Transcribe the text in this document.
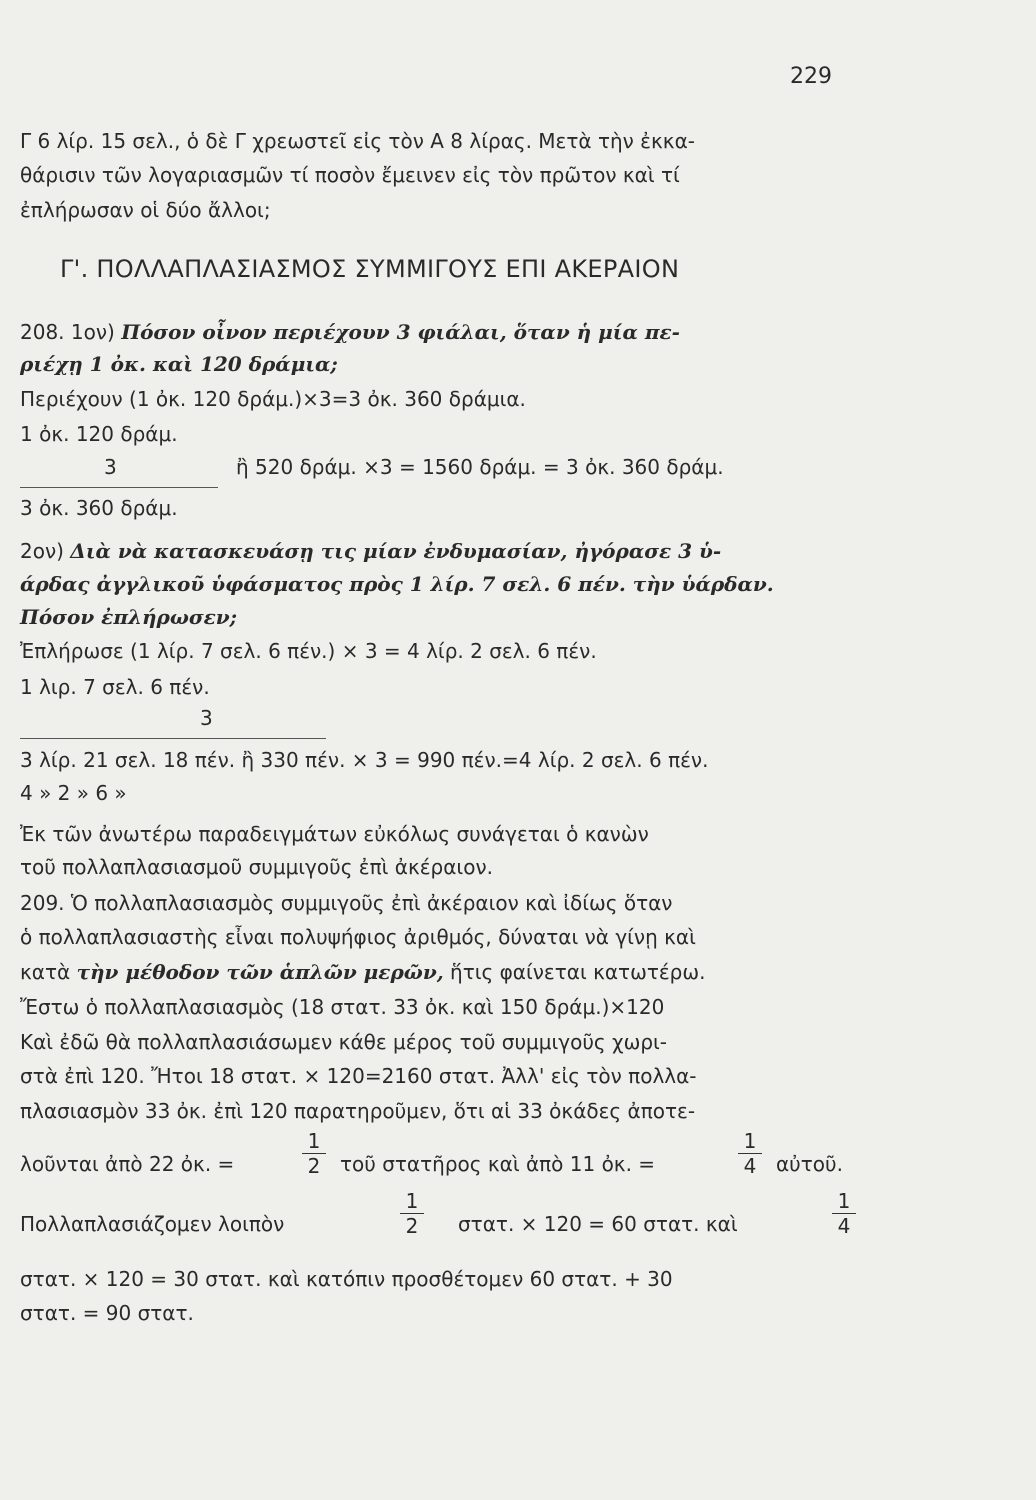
229
Γ 6 λίρ. 15 σελ., ὁ δὲ Γ χρεωστεῖ εἰς τὸν Α 8 λίρας. Μετὰ τὴν ἐκκα-
θάρισιν τῶν λογαριασμῶν τί ποσὸν ἔμεινεν εἰς τὸν πρῶτον καὶ τί
ἐπλήρωσαν οἱ δύο ἄλλοι;
Γ'. ΠΟΛΛΑΠΛΑΣΙΑΣΜΟΣ ΣΥΜΜΙΓΟΥΣ ΕΠΙ ΑΚΕΡΑΙΟΝ
208. 1ον) Πόσον οἶνον περιέχουν 3 φιάλαι, ὅταν ἡ μία πε-
ριέχῃ 1 ὀκ. καὶ 120 δράμια;
Περιέχουν (1 ὀκ. 120 δράμ.)×3=3 ὀκ. 360 δράμια.
1 ὀκ. 120 δράμ.
3	ἢ 520 δράμ. ×3 = 1560 δράμ. = 3 ὀκ. 360 δράμ.
3 ὀκ. 360 δράμ.
2ον) Διὰ νὰ κατασκευάσῃ τις μίαν ἐνδυμασίαν, ἠγόρασε 3 ὑ-
άρδας ἀγγλικοῦ ὑφάσματος πρὸς 1 λίρ. 7 σελ. 6 πέν. τὴν ὑάρδαν.
Πόσον ἐπλήρωσεν;
Ἐπλήρωσε (1 λίρ. 7 σελ. 6 πέν.) × 3 = 4 λίρ. 2 σελ. 6 πέν.
1 λιρ. 7 σελ. 6 πέν.
3
3 λίρ. 21 σελ. 18 πέν. ἢ 330 πέν. × 3 = 990 πέν.=4 λίρ. 2 σελ. 6 πέν.
4 » 2 » 6 »
Ἐκ τῶν ἀνωτέρω παραδειγμάτων εὐκόλως συνάγεται ὁ κανὼν
τοῦ πολλαπλασιασμοῦ συμμιγοῦς ἐπὶ ἀκέραιον.
209. Ὁ πολλαπλασιασμὸς συμμιγοῦς ἐπὶ ἀκέραιον καὶ ἰδίως ὅταν
ὁ πολλαπλασιαστὴς εἶναι πολυψήφιος ἀριθμός, δύναται νὰ γίνῃ καὶ
κατὰ τὴν μέθοδον τῶν ἁπλῶν μερῶν, ἥτις φαίνεται κατωτέρω.
Ἔστω ὁ πολλαπλασιασμὸς (18 στατ. 33 ὀκ. καὶ 150 δράμ.)×120
Καὶ ἐδῶ θὰ πολλαπλασιάσωμεν κάθε μέρος τοῦ συμμιγοῦς χωρι-
στὰ ἐπὶ 120. Ἤτοι 18 στατ. × 120=2160 στατ. Ἀλλ' εἰς τὸν πολλα-
πλασιασμὸν 33 ὀκ. ἐπὶ 120 παρατηροῦμεν, ὅτι αἱ 33 ὀκάδες ἀποτε-
λοῦνται ἀπὸ 22 ὀκ. =
1
2 τοῦ στατῆρος καὶ ἀπὸ 11 ὀκ. =
1
4 αὐτοῦ.
Πολλαπλασιάζομεν λοιπὸν
1
2 στατ. × 120 = 60 στατ. καὶ
1
4
στατ. × 120 = 30 στατ. καὶ κατόπιν προσθέτομεν 60 στατ. + 30
στατ. = 90 στατ.
